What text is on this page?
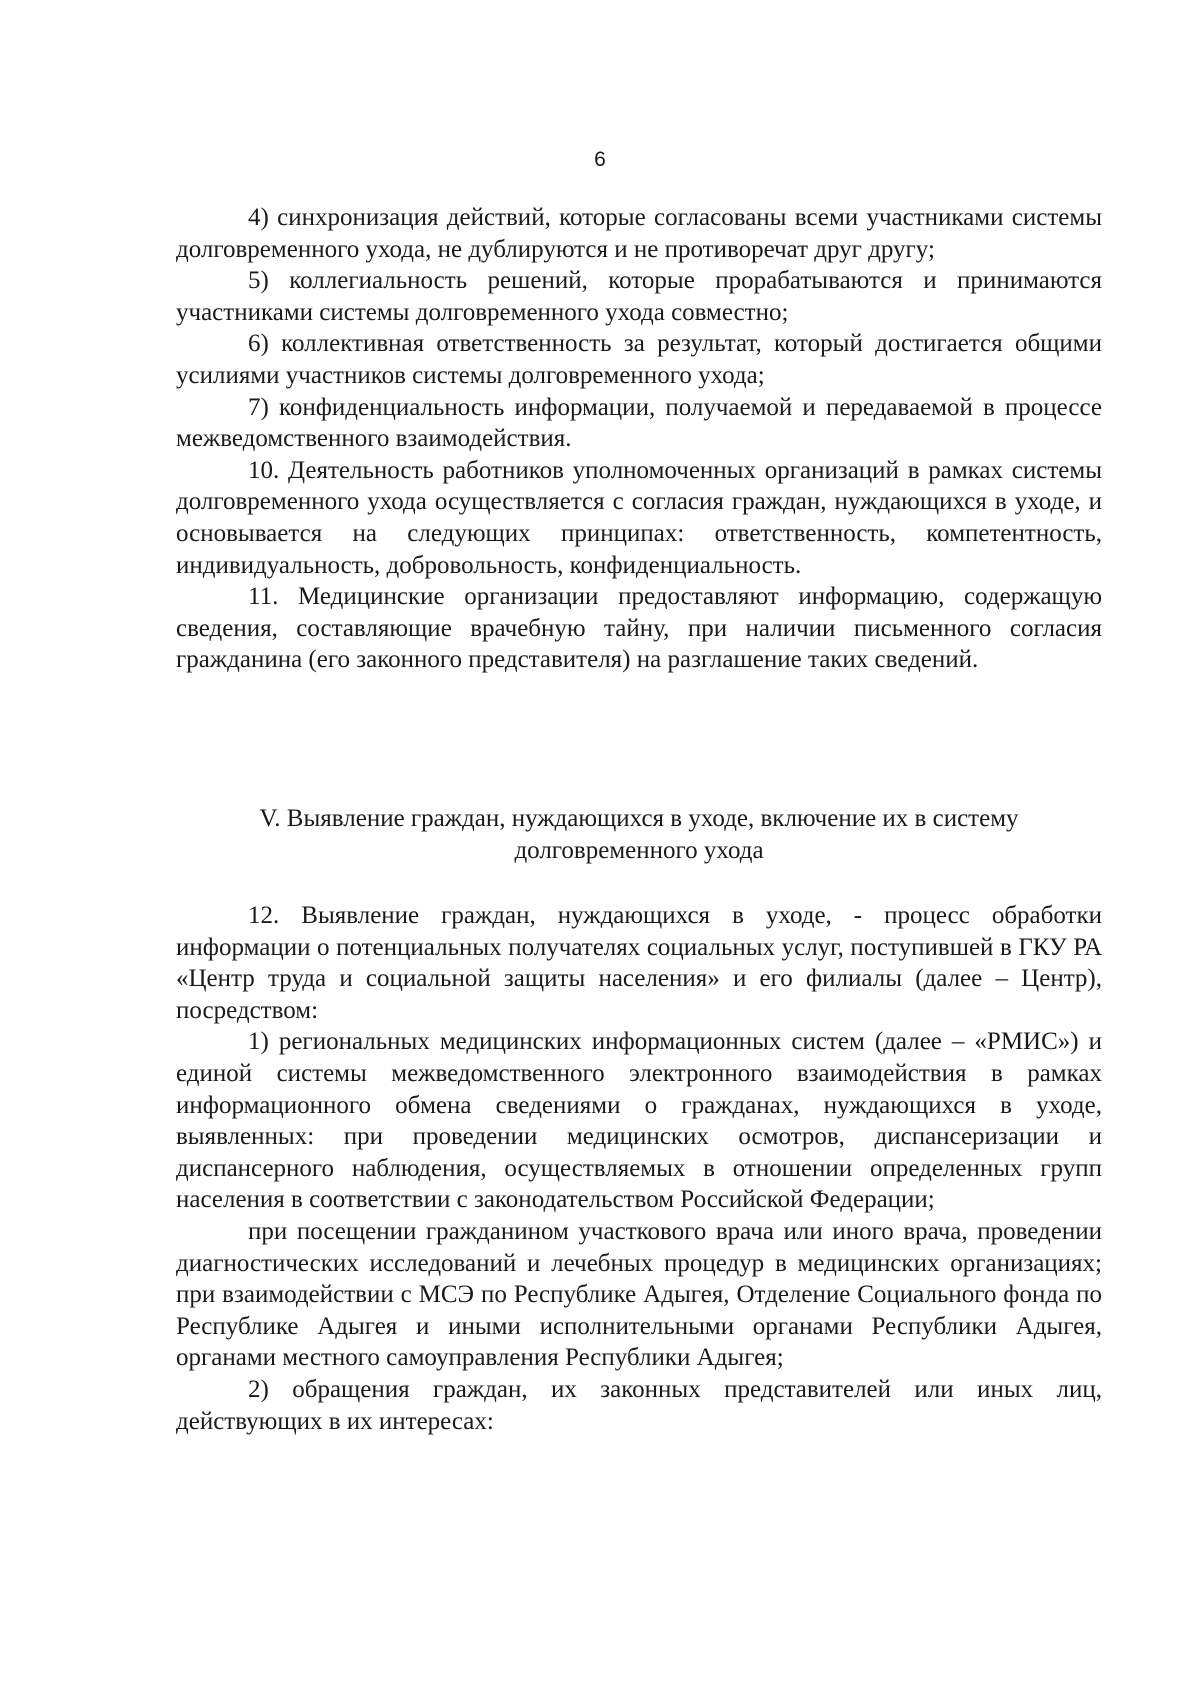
6

4) синхронизация действий, которые согласованы всеми участниками системы долговременного ухода, не дублируются и не противоречат друг другу;

5) коллегиальность решений, которые прорабатываются и принимаются участниками системы долговременного ухода совместно;

6) коллективная ответственность за результат, который достигается общими усилиями участников системы долговременного ухода;

7) конфиденциальность информации, получаемой и передаваемой в процессе межведомственного взаимодействия.

10. Деятельность работников уполномоченных организаций в рамках системы долговременного ухода осуществляется с согласия граждан, нуждающихся в уходе, и основывается на следующих принципах: ответственность, компетентность, индивидуальность, добровольность, конфиденциальность.

11. Медицинские организации предоставляют информацию, содержащую сведения, составляющие врачебную тайну, при наличии письменного согласия гражданина (его законного представителя) на разглашение таких сведений.

V. Выявление граждан, нуждающихся в уходе, включение их в систему
долговременного ухода

12. Выявление граждан, нуждающихся в уходе, - процесс обработки информации о потенциальных получателях социальных услуг, поступившей в ГКУ РА «Центр труда и социальной защиты населения» и его филиалы (далее – Центр), посредством:

1) региональных медицинских информационных систем (далее – «РМИС») и единой системы межведомственного электронного взаимодействия в рамках информационного обмена сведениями о гражданах, нуждающихся в уходе, выявленных: при проведении медицинских осмотров, диспансеризации и диспансерного наблюдения, осуществляемых в отношении определенных групп населения в соответствии с законодательством Российской Федерации;

при посещении гражданином участкового врача или иного врача, проведении диагностических исследований и лечебных процедур в медицинских организациях; при взаимодействии с МСЭ по Республике Адыгея, Отделение Социального фонда по Республике Адыгея и иными исполнительными органами Республики Адыгея, органами местного самоуправления Республики Адыгея;

2) обращения граждан, их законных представителей или иных лиц, действующих в их интересах:
